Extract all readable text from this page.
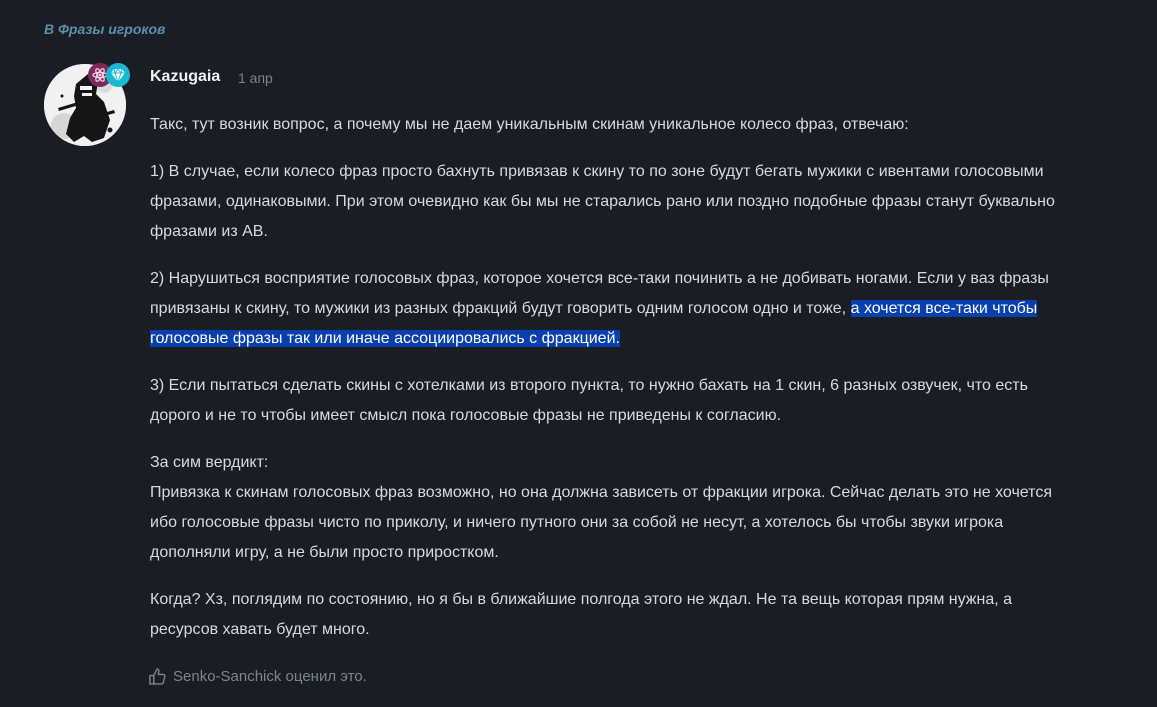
В Фразы игроков
Kazugaia 1 апр

Такс, тут возник вопрос, а почему мы не даем уникальным скинам уникальное колесо фраз, отвечаю:

1) В случае, если колесо фраз просто бахнуть привязав к скину то по зоне будут бегать мужики с ивентами голосовыми фразами, одинаковыми. При этом очевидно как бы мы не старались рано или поздно подобные фразы станут буквально фразами из АВ.

2) Нарушиться восприятие голосовых фраз, которое хочется все-таки починить а не добивать ногами. Если у ваз фразы привязаны к скину, то мужики из разных фракций будут говорить одним голосом одно и тоже, а хочется все-таки чтобы голосовые фразы так или иначе ассоциировались с фракцией.

3) Если пытаться сделать скины с хотелками из второго пункта, то нужно бахать на 1 скин, 6 разных озвучек, что есть дорого и не то чтобы имеет смысл пока голосовые фразы не приведены к согласию.

За сим вердикт:
Привязка к скинам голосовых фраз возможно, но она должна зависеть от фракции игрока. Сейчас делать это не хочется ибо голосовые фразы чисто по приколу, и ничего путного они за собой не несут, а хотелось бы чтобы звуки игрока дополняли игру, а не были просто приростком.

Когда? Хз, поглядим по состоянию, но я бы в ближайшие полгода этого не ждал. Не та вещь которая прям нужна, а ресурсов хавать будет много.

Senko-Sanchick оценил это.
